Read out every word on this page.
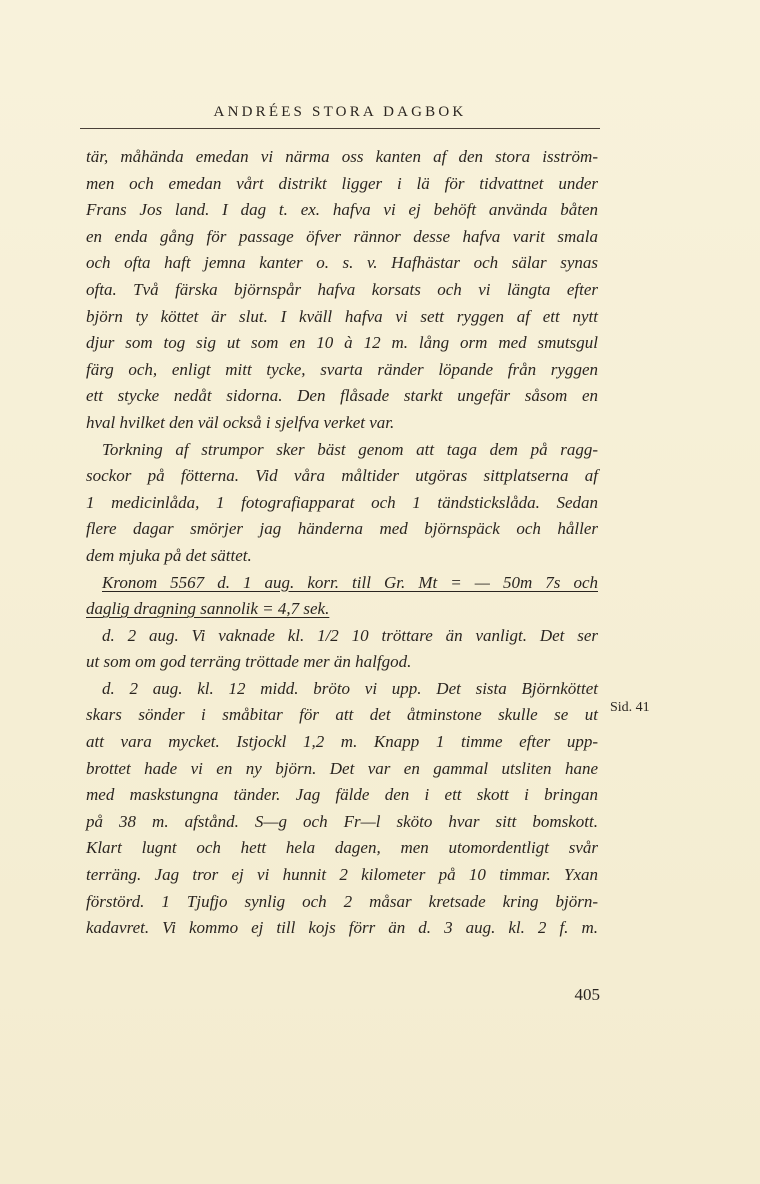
ANDRÉES STORA DAGBOK
tär, måhända emedan vi närma oss kanten af den stora isström-
men och emedan vårt distrikt ligger i lä för tidvattnet under
Frans Jos land. I dag t. ex. hafva vi ej behöft använda båten
en enda gång för passage öfver rännor desse hafva varit smala
och ofta haft jemna kanter o. s. v. Hafhästar och sälar synas
ofta. Två färska björnspår hafva korsats och vi längta efter
björn ty köttet är slut. I kväll hafva vi sett ryggen af ett nytt
djur som tog sig ut som en 10 à 12 m. lång orm med smutsgul
färg och, enligt mitt tycke, svarta ränder löpande från ryggen
ett stycke nedåt sidorna. Den flåsade starkt ungefär såsom en
hval hvilket den väl också i sjelfva verket var.
Torkning af strumpor sker bäst genom att taga dem på ragg-
sockor på fötterna. Vid våra måltider utgöras sittplatserna af
1 medicinlåda, 1 fotografiapparat och 1 tändstickslåda. Sedan
flere dagar smörjer jag händerna med björnspäck och håller
dem mjuka på det sättet.
Kronom 5567 d. 1 aug. korr. till Gr. Mt = — 50m 7s och
daglig dragning sannolik = 4,7 sek.
d. 2 aug. Vi vaknade kl. 1/2 10 tröttare än vanligt. Det ser
ut som om god terräng tröttade mer än halfgod.
d. 2 aug. kl. 12 midd. bröto vi upp. Det sista Björnköttet
skars sönder i småbitar för att det åtminstone skulle se ut
att vara mycket. Istjockl 1,2 m. Knapp 1 timme efter upp-
brottet hade vi en ny björn. Det var en gammal utsliten hane
med maskstungna tänder. Jag fälde den i ett skott i bringan
på 38 m. afstånd. S—g och Fr—l sköto hvar sitt bomskott.
Klart lugnt och hett hela dagen, men utomordentligt svår
terräng. Jag tror ej vi hunnit 2 kilometer på 10 timmar. Yxan
förstörd. 1 Tjufjo synlig och 2 måsar kretsade kring björn-
kadavret. Vi kommo ej till kojs förr än d. 3 aug. kl. 2 f. m.
Sid. 41
405
